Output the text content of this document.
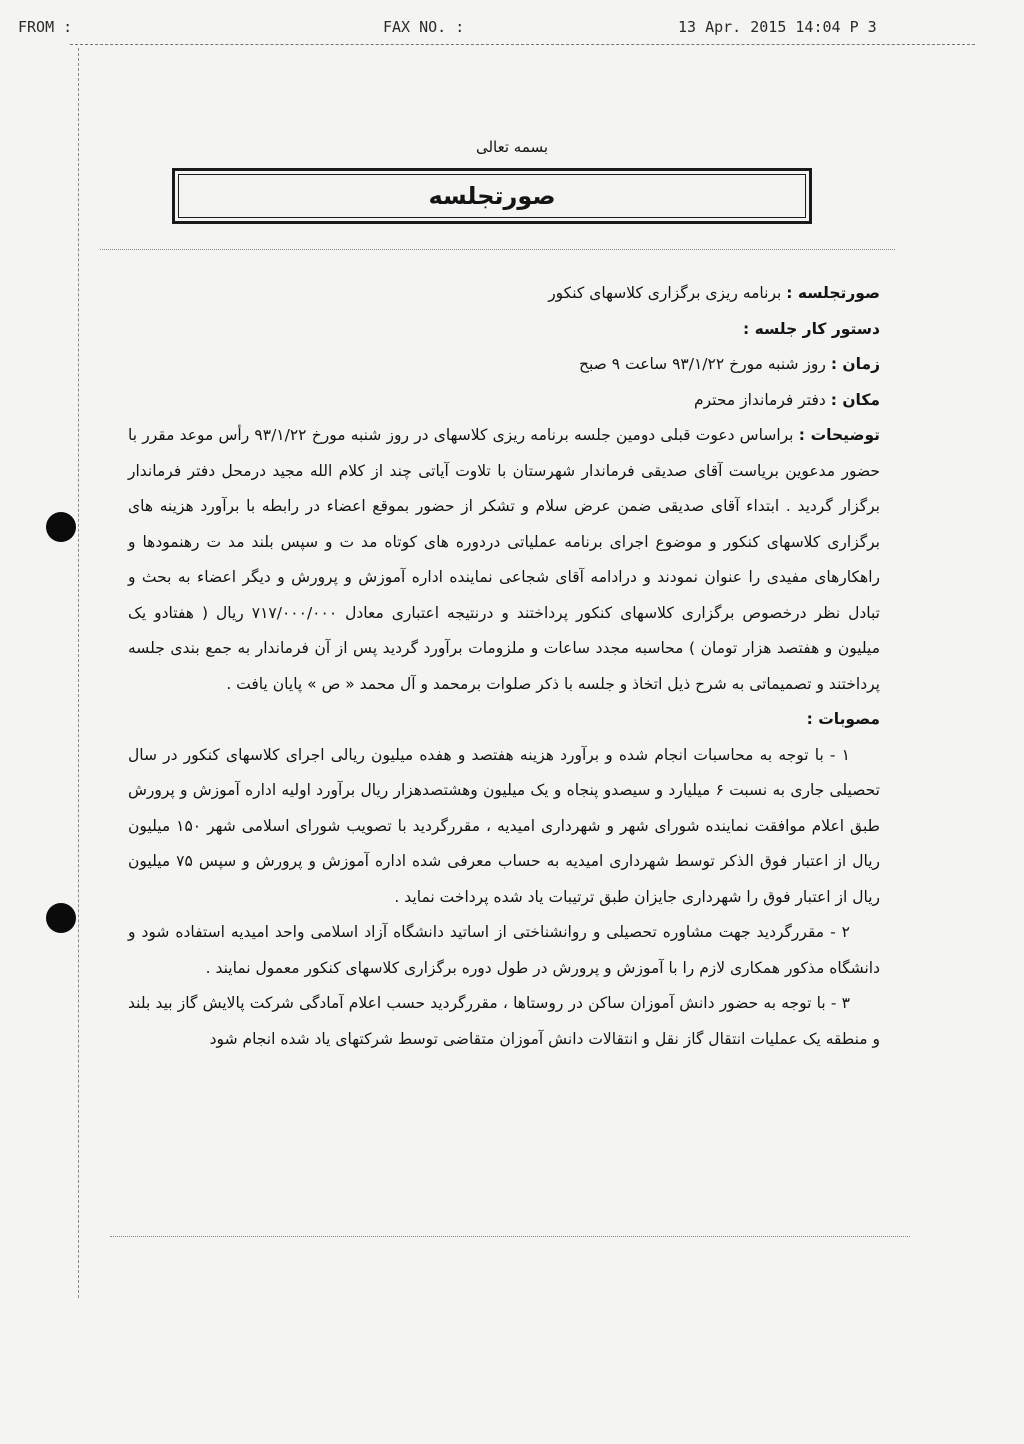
FROM :	FAX NO. :	13 Apr. 2015 14:04 P 3
بسمه تعالی
صورتجلسه

صورتجلسه : برنامه ریزی برگزاری کلاسهای کنکور

دستور کار جلسه :

زمان : روز شنبه مورخ ۹۳/۱/۲۲ ساعت ۹ صبح

مکان : دفتر فرمانداز محترم

توضیحات : براساس دعوت قبلی دومین جلسه برنامه ریزی کلاسهای در روز شنبه مورخ ۹۳/۱/۲۲ رأس موعد مقرر با حضور مدعوین بریاست آقای صدیقی فرماندار شهرستان با تلاوت آیاتی چند از کلام الله مجید درمحل دفتر فرماندار برگزار گردید . ابتداء آقای صدیقی ضمن عرض سلام و تشکر از حضور بموقع اعضاء در رابطه با برآورد هزینه های برگزاری کلاسهای کنکور و موضوع اجرای برنامه عملیاتی دردوره های کوتاه مد ت و سپس بلند مد ت رهنمودها و راهکارهای مفیدی را عنوان نمودند و درادامه آقای شجاعی نماینده اداره آموزش و پرورش و دیگر اعضاء به بحث و تبادل نظر درخصوص برگزاری کلاسهای کنکور پرداختند و درنتیجه اعتباری معادل ۷۱۷/۰۰۰/۰۰۰ ریال ( هفتادو یک میلیون و هفتصد هزار تومان ) محاسبه مجدد ساعات و ملزومات برآورد گردید پس از آن فرماندار به جمع بندی جلسه پرداختند و تصمیماتی به شرح ذیل اتخاذ و جلسه با ذکر صلوات برمحمد و آل محمد « ص » پایان یافت .

مصوبات :

۱ - با توجه به محاسبات انجام شده و برآورد هزینه هفتصد و هفده میلیون ریالی اجرای کلاسهای کنکور در سال تحصیلی جاری به نسبت ۶ میلیارد و سیصدو پنجاه و یک میلیون وهشتصدهزار ریال برآورد اولیه اداره آموزش و پرورش طبق اعلام موافقت نماینده شورای شهر و شهرداری امیدیه ، مقررگردید با تصویب شورای اسلامی شهر ۱۵۰ میلیون ریال از اعتبار فوق الذکر توسط شهرداری امیدیه به حساب معرفی شده اداره آموزش و پرورش و سپس ۷۵ میلیون ریال از اعتبار فوق را شهرداری جایزان طبق ترتیبات یاد شده پرداخت نماید .

۲ - مقررگردید جهت مشاوره تحصیلی و روانشناختی از اساتید دانشگاه آزاد اسلامی واحد امیدیه استفاده شود و دانشگاه مذکور همکاری لازم را با آموزش و پرورش در طول دوره برگزاری کلاسهای کنکور معمول نمایند .

۳ - با توجه به حضور دانش آموزان ساکن در روستاها ، مقررگردید حسب اعلام آمادگی شرکت پالایش گاز بید بلند و منطقه یک عملیات انتقال گاز نقل و انتقالات دانش آموزان متقاضی توسط شرکتهای یاد شده انجام شود
